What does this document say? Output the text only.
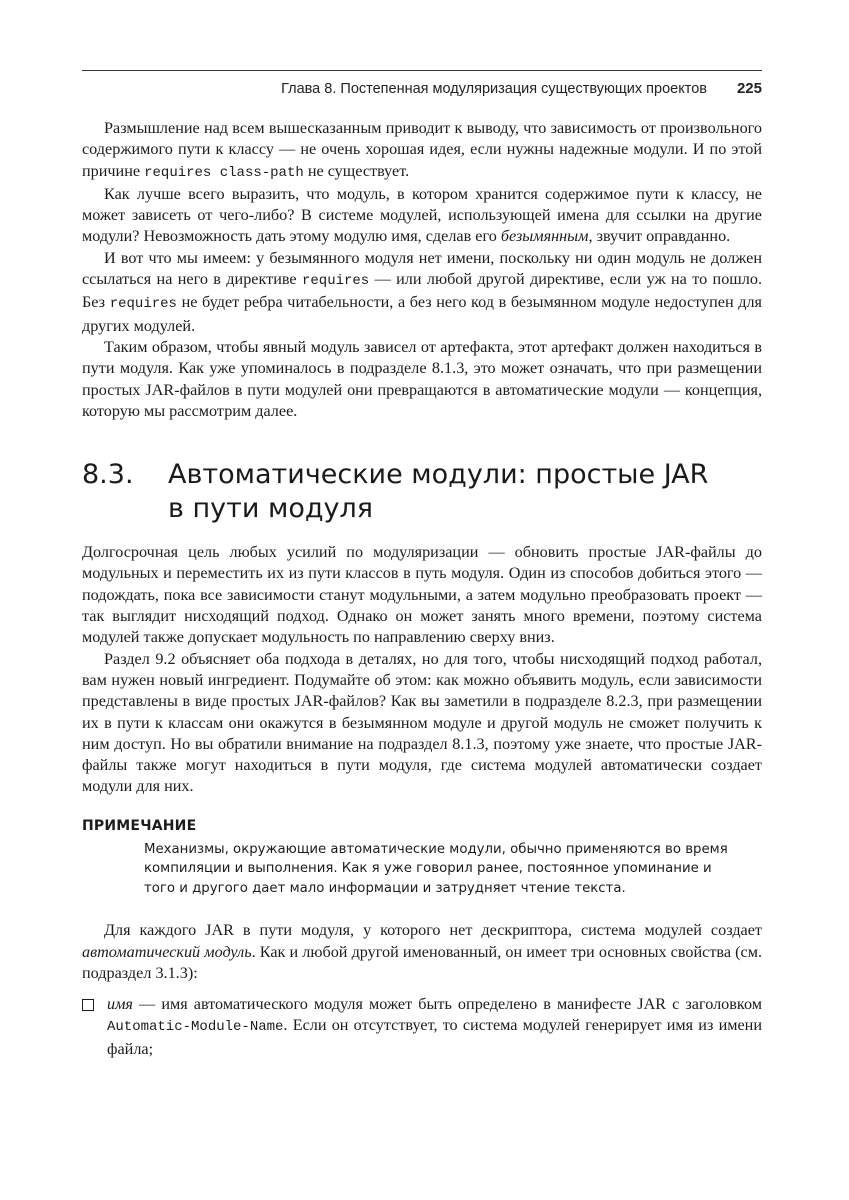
Глава 8. Постепенная модуляризация существующих проектов 225

Размышление над всем вышесказанным приводит к выводу, что зависимость от произвольного содержимого пути к классу — не очень хорошая идея, если нужны надежные модули. И по этой причине requires class-path не существует.

Как лучше всего выразить, что модуль, в котором хранится содержимое пути к классу, не может зависеть от чего-либо? В системе модулей, использующей имена для ссылки на другие модули? Невозможность дать этому модулю имя, сделав его безымянным, звучит оправданно.

И вот что мы имеем: у безымянного модуля нет имени, поскольку ни один модуль не должен ссылаться на него в директиве requires — или любой другой директиве, если уж на то пошло. Без requires не будет ребра читабельности, а без него код в безымянном модуле недоступен для других модулей.

Таким образом, чтобы явный модуль зависел от артефакта, этот артефакт должен находиться в пути модуля. Как уже упоминалось в подразделе 8.1.3, это может означать, что при размещении простых JAR-файлов в пути модулей они превращаются в автоматические модули — концепция, которую мы рассмотрим далее.

8.3.	Автоматические модули: простые JAR
в пути модуля

Долгосрочная цель любых усилий по модуляризации — обновить простые JAR-файлы до модульных и переместить их из пути классов в путь модуля. Один из способов добиться этого — подождать, пока все зависимости станут модульными, а затем модульно преобразовать проект — так выглядит нисходящий подход. Однако он может занять много времени, поэтому система модулей также допускает модульность по направлению сверху вниз.

Раздел 9.2 объясняет оба подхода в деталях, но для того, чтобы нисходящий подход работал, вам нужен новый ингредиент. Подумайте об этом: как можно объявить модуль, если зависимости представлены в виде простых JAR-файлов? Как вы заметили в подразделе 8.2.3, при размещении их в пути к классам они окажутся в безымянном модуле и другой модуль не сможет получить к ним доступ. Но вы обратили внимание на подраздел 8.1.3, поэтому уже знаете, что простые JAR-файлы также могут находиться в пути модуля, где система модулей автоматически создает модули для них.

ПРИМЕЧАНИЕ
Механизмы, окружающие автоматические модули, обычно применяются во время компиляции и выполнения. Как я уже говорил ранее, постоянное упоминание и того и другого дает мало информации и затрудняет чтение текста.

Для каждого JAR в пути модуля, у которого нет дескриптора, система модулей создает автоматический модуль. Как и любой другой именованный, он имеет три основных свойства (см. подраздел 3.1.3):

имя — имя автоматического модуля может быть определено в манифесте JAR с заголовком Automatic-Module-Name. Если он отсутствует, то система модулей генерирует имя из имени файла;
